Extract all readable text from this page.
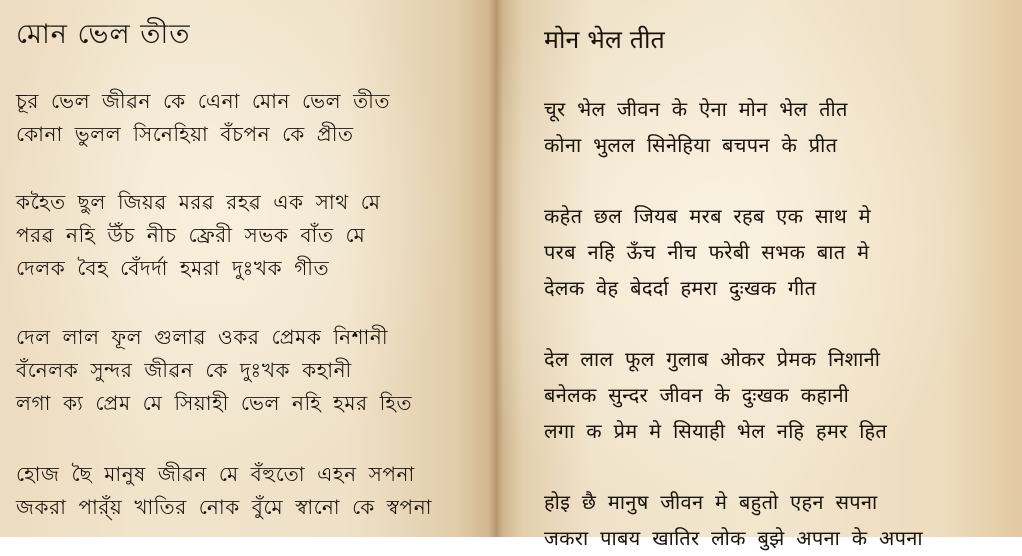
মোন ভেল তীত

চূর ভেল জীৱন কে এেনা মোন ভেল তীত
কোনা ভুলল সিনেহিয়া বঁচপন কে প্রীত

কহৈত ছুল জিয়ৱ মরৱ রহৱ এক সাথ মে
পরৱ নহি উঁচ নীচ ফ্ৰেরী সভক বাঁত মে
দেলক বৈহ বেঁদর্দা হমরা দুঃখক গীত

দেল লাল ফূল গুলাৱ ওকর প্রেমক নিশানী
বঁনেলক সুন্দর জীৱন কে দুঃখক কহানী
লগা ক্য প্রেম মে সিয়াহী ভেল নহি হমর হিত

হোজ ছৈ মানুষ জীৱন মে বঁহুতো এহন সপনা
জকরা পার্ঁয় খাতির নোক বুঁমে স্বানো কে স্বপনা

मोन भेल तीत

चूर भेल जीवन के ऐना मोन भेल तीत
कोना भुलल सिनेहिया बचपन के प्रीत

कहेत छल जियब मरब रहब एक साथ मे
परब नहि ऊँच नीच फरेबी सभक बात मे
देलक वेह बेदर्दा हमरा दुःखक गीत

देल लाल फूल गुलाब ओकर प्रेमक निशानी
बनेलक सुन्दर जीवन के दुःखक कहानी
लगा क प्रेम मे सियाही भेल नहि हमर हित

होइ छै मानुष जीवन मे बहुतो एहन सपना
जकरा पाबय खातिर लोक बुझे अपना के अपना
